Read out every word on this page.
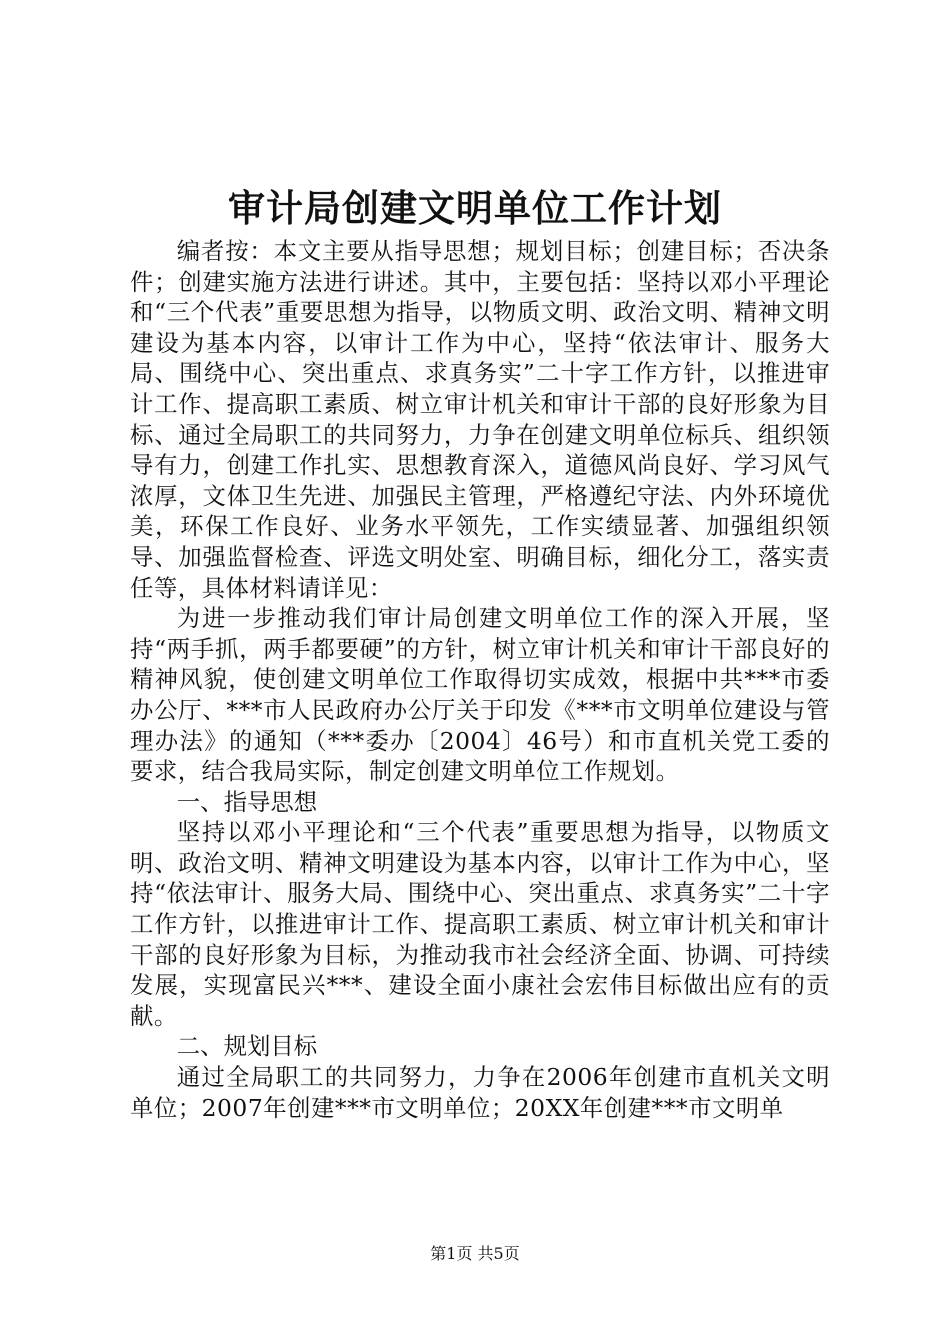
审计局创建文明单位工作计划

编者按：本文主要从指导思想；规划目标；创建目标；否决条件；创建实施方法进行讲述。其中，主要包括：坚持以邓小平理论和“三个代表”重要思想为指导，以物质文明、政治文明、精神文明建设为基本内容，以审计工作为中心，坚持“依法审计、服务大局、围绕中心、突出重点、求真务实”二十字工作方针，以推进审计工作、提高职工素质、树立审计机关和审计干部的良好形象为目标、通过全局职工的共同努力，力争在创建文明单位标兵、组织领导有力，创建工作扎实、思想教育深入，道德风尚良好、学习风气浓厚，文体卫生先进、加强民主管理，严格遵纪守法、内外环境优美，环保工作良好、业务水平领先，工作实绩显著、加强组织领导、加强监督检查、评选文明处室、明确目标，细化分工，落实责任等，具体材料请详见：

为进一步推动我们审计局创建文明单位工作的深入开展，坚持“两手抓，两手都要硬”的方针，树立审计机关和审计干部良好的精神风貌，使创建文明单位工作取得切实成效，根据中共***市委办公厅、***市人民政府办公厅关于印发《***市文明单位建设与管理办法》的通知（***委办〔2004〕46号）和市直机关党工委的要求，结合我局实际，制定创建文明单位工作规划。

一、指导思想

坚持以邓小平理论和“三个代表”重要思想为指导，以物质文明、政治文明、精神文明建设为基本内容，以审计工作为中心，坚持“依法审计、服务大局、围绕中心、突出重点、求真务实”二十字工作方针，以推进审计工作、提高职工素质、树立审计机关和审计干部的良好形象为目标，为推动我市社会经济全面、协调、可持续发展，实现富民兴***、建设全面小康社会宏伟目标做出应有的贡献。

二、规划目标

通过全局职工的共同努力，力争在2006年创建市直机关文明单位；2007年创建***市文明单位；20XX年创建***市文明单

第1页 共5页
